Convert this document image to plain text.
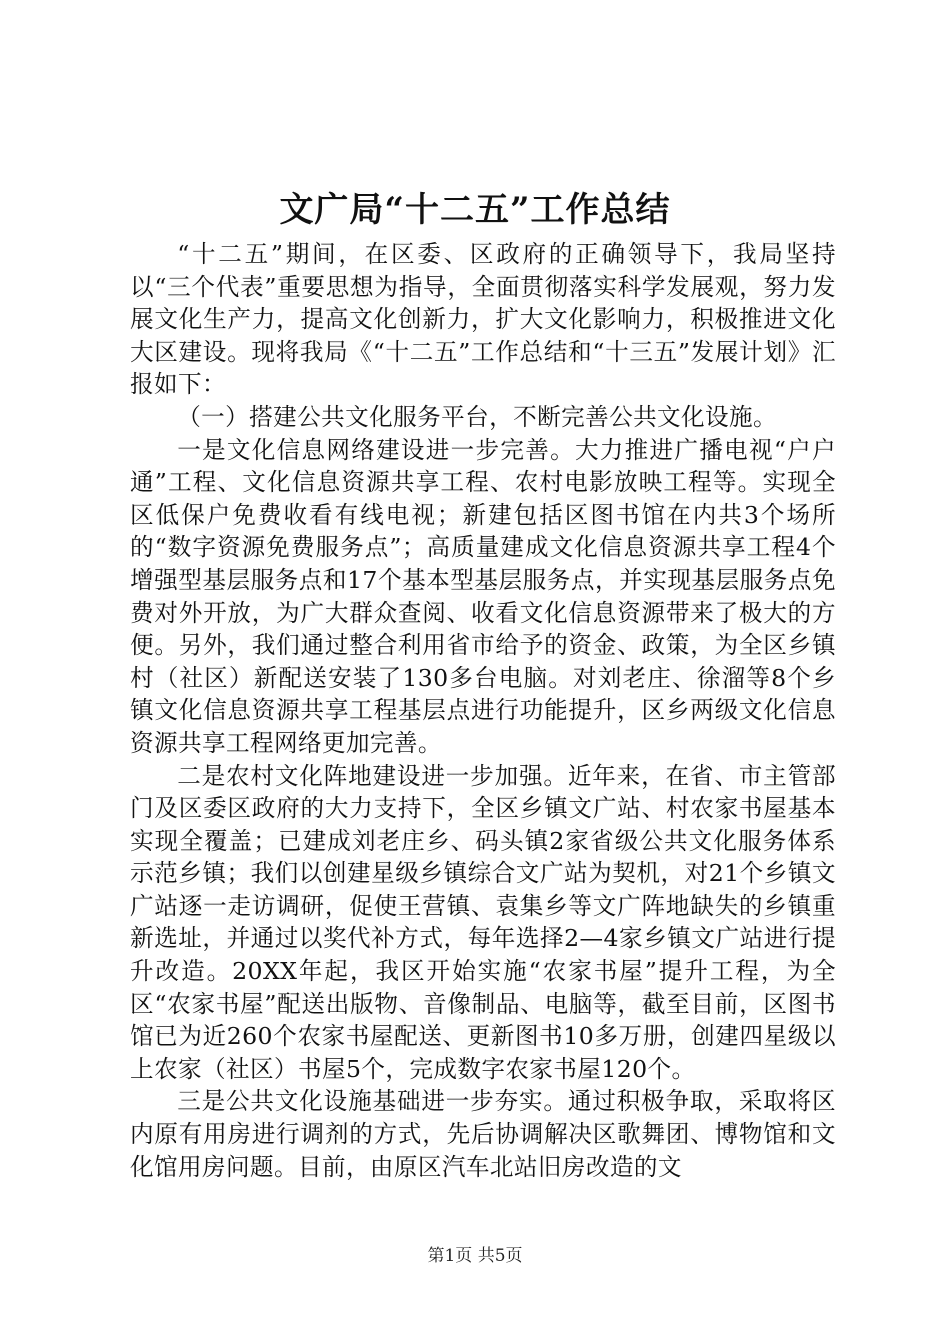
文广局“十二五”工作总结

“十二五”期间，在区委、区政府的正确领导下，我局坚持以“三个代表”重要思想为指导，全面贯彻落实科学发展观，努力发展文化生产力，提高文化创新力，扩大文化影响力，积极推进文化大区建设。现将我局《“十二五”工作总结和“十三五”发展计划》汇报如下：

（一）搭建公共文化服务平台，不断完善公共文化设施。

一是文化信息网络建设进一步完善。大力推进广播电视“户户通”工程、文化信息资源共享工程、农村电影放映工程等。实现全区低保户免费收看有线电视；新建包括区图书馆在内共3个场所的“数字资源免费服务点”；高质量建成文化信息资源共享工程4个增强型基层服务点和17个基本型基层服务点，并实现基层服务点免费对外开放，为广大群众查阅、收看文化信息资源带来了极大的方便。另外，我们通过整合利用省市给予的资金、政策，为全区乡镇村（社区）新配送安装了130多台电脑。对刘老庄、徐溜等8个乡镇文化信息资源共享工程基层点进行功能提升，区乡两级文化信息资源共享工程网络更加完善。

二是农村文化阵地建设进一步加强。近年来，在省、市主管部门及区委区政府的大力支持下，全区乡镇文广站、村农家书屋基本实现全覆盖；已建成刘老庄乡、码头镇2家省级公共文化服务体系示范乡镇；我们以创建星级乡镇综合文广站为契机，对21个乡镇文广站逐一走访调研，促使王营镇、袁集乡等文广阵地缺失的乡镇重新选址，并通过以奖代补方式，每年选择2—4家乡镇文广站进行提升改造。20XX年起，我区开始实施“农家书屋”提升工程，为全区“农家书屋”配送出版物、音像制品、电脑等，截至目前，区图书馆已为近260个农家书屋配送、更新图书10多万册，创建四星级以上农家（社区）书屋5个，完成数字农家书屋120个。

三是公共文化设施基础进一步夯实。通过积极争取，采取将区内原有用房进行调剂的方式，先后协调解决区歌舞团、博物馆和文化馆用房问题。目前，由原区汽车北站旧房改造的文

第1页 共5页
